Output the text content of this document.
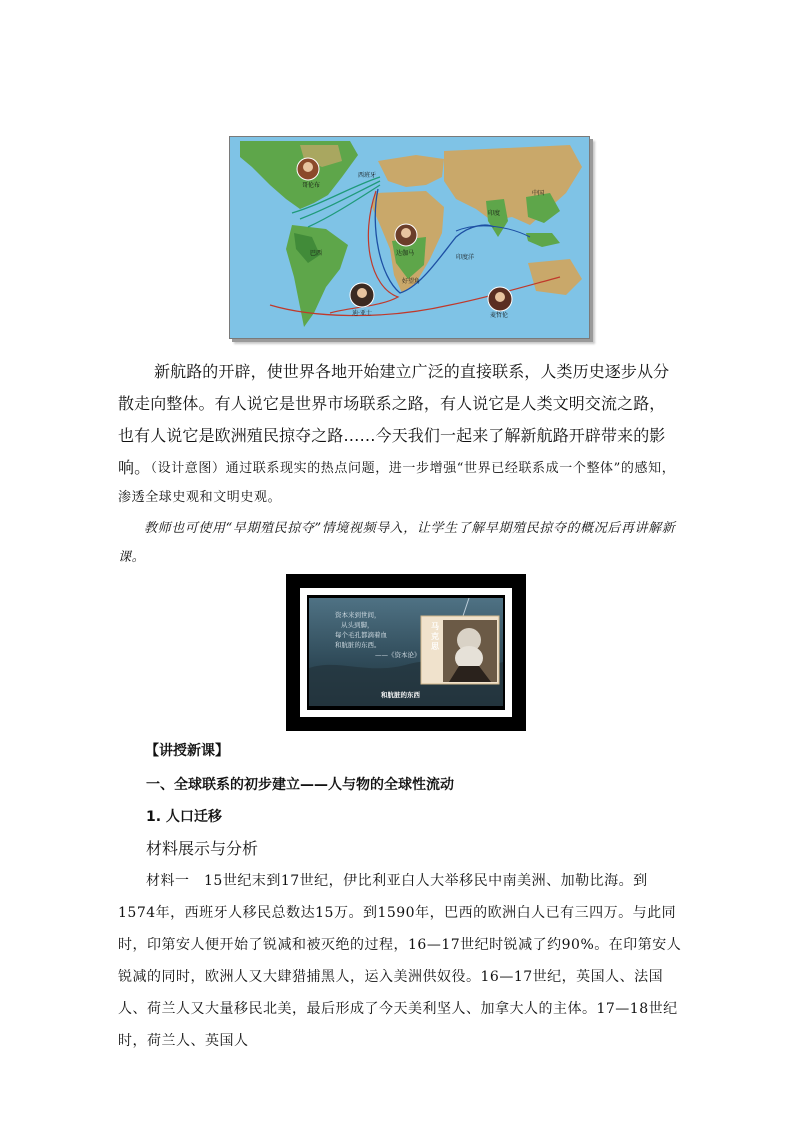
哥伦布
达伽马
迪·亚士	麦哲伦
印度
中国
巴西
印度洋
西班牙
好望角
新航路的开辟，使世界各地开始建立广泛的直接联系，人类历史逐步从分散走向整体。有人说它是世界市场联系之路，有人说它是人类文明交流之路，也有人说它是欧洲殖民掠夺之路……今天我们一起来了解新航路开辟带来的影响。
（设计意图）通过联系现实的热点问题，进一步增强“世界已经联系成一个整体”的感知，渗透全球史观和文明史观。
教师也可使用“早期殖民掠夺”情境视频导入，让学生了解早期殖民掠夺的概况后再讲解新课。
资本来到世间，
从头到脚，
每个毛孔都滴着血
和肮脏的东西。
——《资本论》
马克思
和肮脏的东西
【讲授新课】
一、全球联系的初步建立——人与物的全球性流动
1. 人口迁移
材料展示与分析
材料一　15世纪末到17世纪，伊比利亚白人大举移民中南美洲、加勒比海。到1574年，西班牙人移民总数达15万。到1590年，巴西的欧洲白人已有三四万。与此同时，印第安人便开始了锐减和被灭绝的过程，16—17世纪时锐减了约90%。在印第安人锐减的同时，欧洲人又大肆猎捕黑人，运入美洲供奴役。16—17世纪，英国人、法国人、荷兰人又大量移民北美，最后形成了今天美利坚人、加拿大人的主体。17—18世纪时，荷兰人、英国人
